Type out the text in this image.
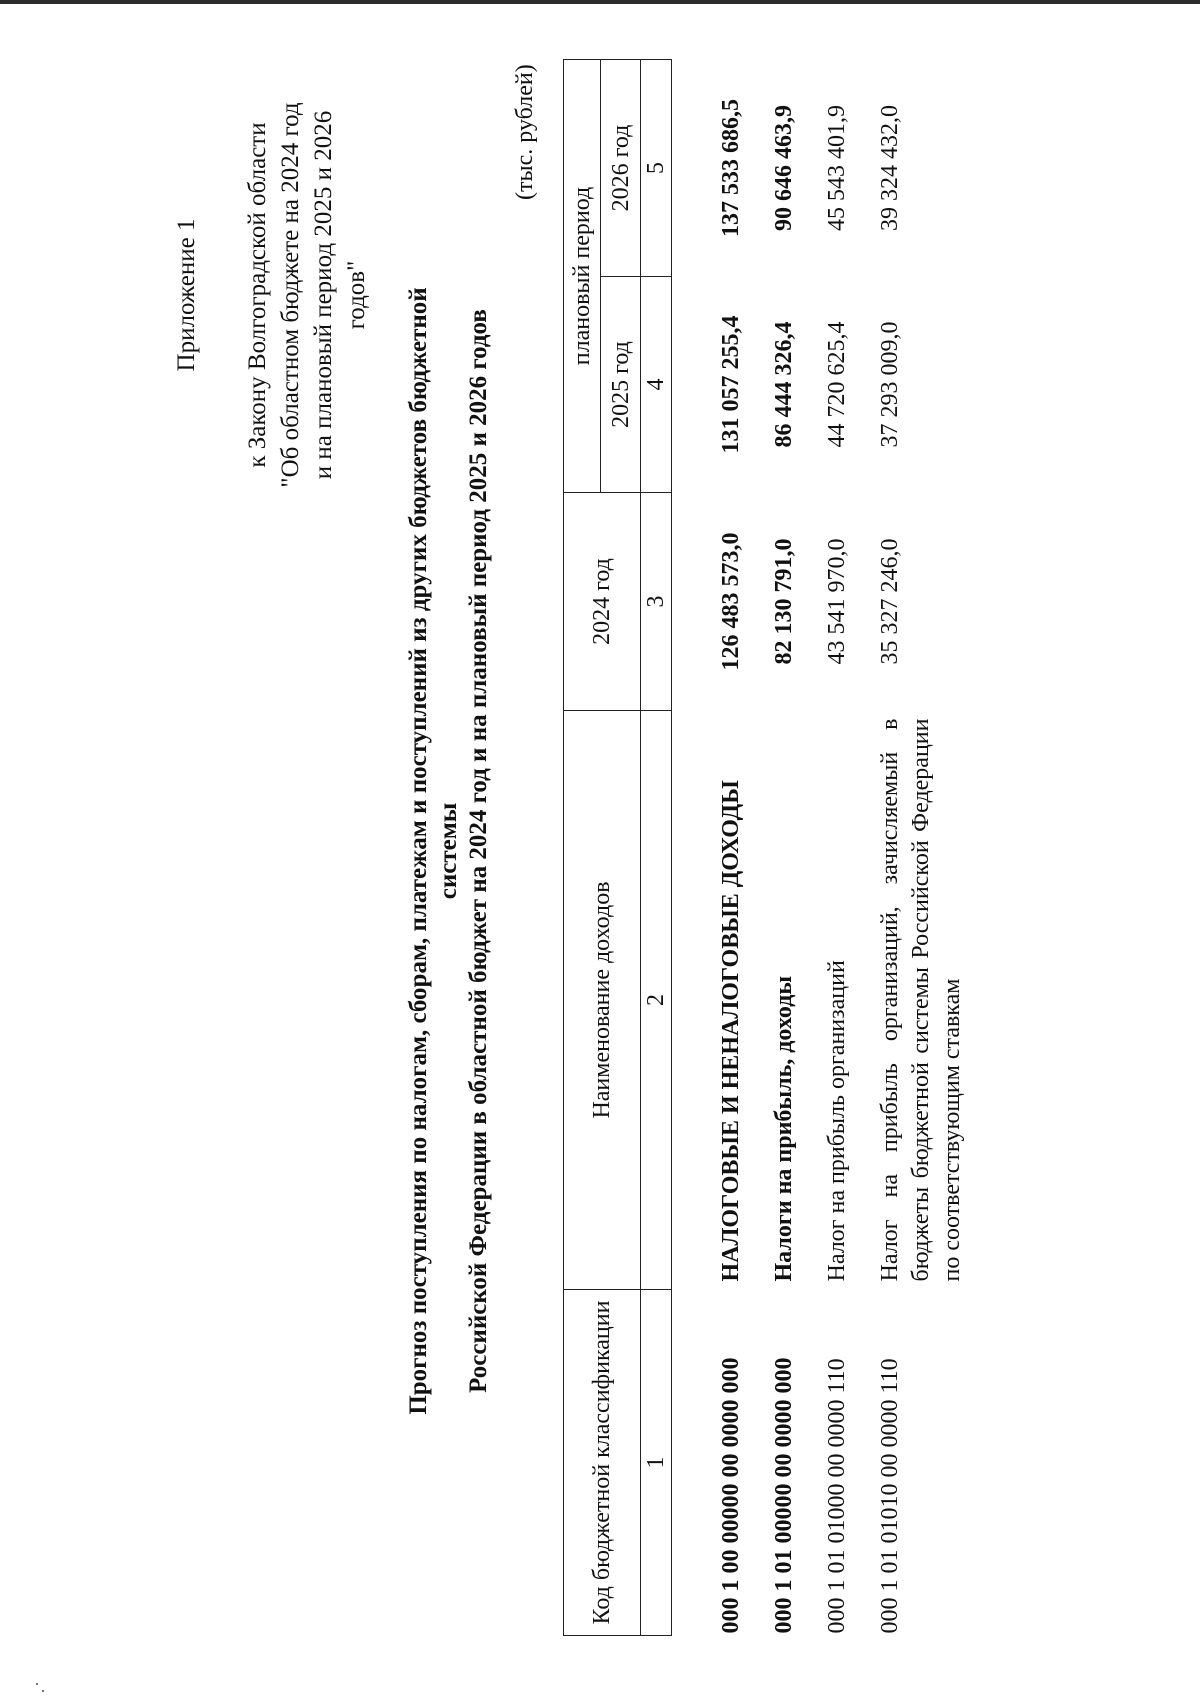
Приложение 1 к Закону Волгоградской области "Об областном бюджете на 2024 год и на плановый период 2025 и 2026 годов" Прогноз поступления по налогам, сборам, платежам и поступлений из других бюджетов бюджетной системы Российской Федерации в областной бюджет на 2024 год и на плановый период 2025 и 2026 годов
(тыс. рублей)
Код бюджетной классификации	Наименование доходов	2024 год	плановый период	
			2025 год	2026 год
1	2	3	4	5
000 1 00 00000 00 0000 000	НАЛОГОВЫЕ И НЕНАЛОГОВЫЕ ДОХОДЫ	126 483 573,0	131 057 255,4	137 533 686,5
000 1 01 00000 00 0000 000	Налоги на прибыль, доходы	82 130 791,0	86 444 326,4	90 646 463,9
000 1 01 01000 00 0000 110	Налог на прибыль организаций	43 541 970,0	44 720 625,4	45 543 401,9
000 1 01 01010 00 0000 110	Налог на прибыль организаций, зачисляемый в бюджеты бюджетной системы Российской Федерации по соответствующим ставкам	35 327 246,0	37 293 009,0	39 324 432,0
